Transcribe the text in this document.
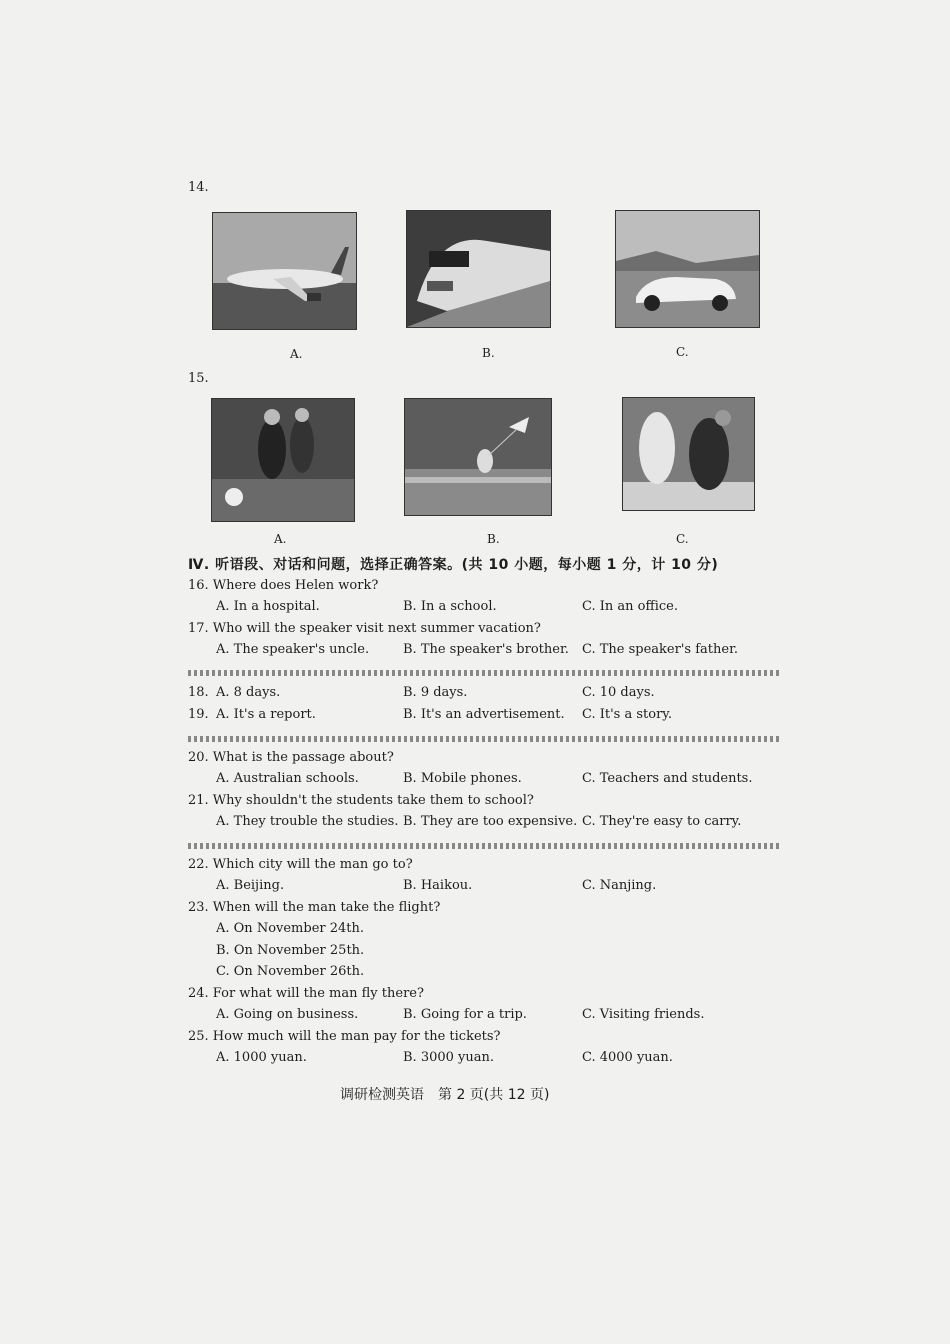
14.
A.	B.	C.
15.
A.	B.	C.
Ⅳ. 听语段、对话和问题，选择正确答案。(共 10 小题，每小题 1 分，计 10 分)
16. Where does Helen work?
A. In a hospital.	B. In a school.	C. In an office.
17. Who will the speaker visit next summer vacation?
A. The speaker's uncle.	B. The speaker's brother. C. The speaker's father.
18. A. 8 days.	B. 9 days.	C. 10 days.
19. A. It's a report.	B. It's an advertisement. C. It's a story.
20. What is the passage about?
A. Australian schools.	B. Mobile phones.	C. Teachers and students.
21. Why shouldn't the students take them to school?
A. They trouble the studies. B. They are too expensive. C. They're easy to carry.
22. Which city will the man go to?
A. Beijing.	B. Haikou.	C. Nanjing.
23. When will the man take the flight?
A. On November 24th.
B. On November 25th.
C. On November 26th.
24. For what will the man fly there?
A. Going on business.	B. Going for a trip.	C. Visiting friends.
25. How much will the man pay for the tickets?
A. 1000 yuan.	B. 3000 yuan.	C. 4000 yuan.
调研检测英语　第 2 页(共 12 页)
